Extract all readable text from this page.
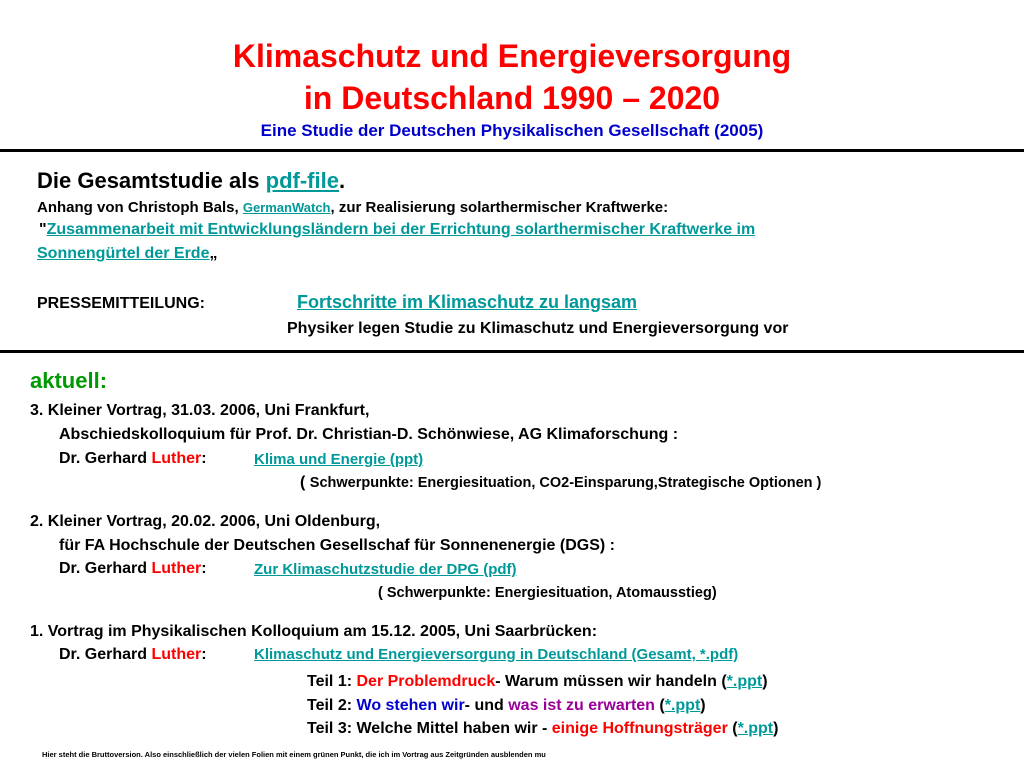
Klimaschutz und Energieversorgung
in Deutschland 1990 – 2020
Eine Studie der Deutschen Physikalischen Gesellschaft (2005)
Die Gesamtstudie als pdf-file.
Anhang von Christoph Bals, GermanWatch, zur Realisierung solarthermischer Kraftwerke:
"Zusammenarbeit mit Entwicklungsländern bei der Errichtung solarthermischer Kraftwerke im
Sonnengürtel der Erde„
PRESSEMITTEILUNG:	Fortschritte im Klimaschutz zu langsam
Physiker legen Studie zu Klimaschutz und Energieversorgung vor
aktuell:
3. Kleiner Vortrag, 31.03. 2006, Uni Frankfurt,
Abschiedskolloquium für Prof. Dr. Christian-D. Schönwiese, AG Klimaforschung :
Dr. Gerhard Luther:	Klima und Energie (ppt)
( Schwerpunkte: Energiesituation, CO2-Einsparung,Strategische Optionen )
2. Kleiner Vortrag, 20.02. 2006, Uni Oldenburg,
für FA Hochschule der Deutschen Gesellschaf für Sonnenenergie (DGS) :
Dr. Gerhard Luther:	Zur Klimaschutzstudie der DPG (pdf)
( Schwerpunkte: Energiesituation, Atomausstieg)
1. Vortrag im Physikalischen Kolloquium am 15.12. 2005, Uni Saarbrücken:
Dr. Gerhard Luther:	Klimaschutz und Energieversorgung in Deutschland (Gesamt, *.pdf)
Teil 1: Der Problemdruck- Warum müssen wir handeln (*.ppt)
Teil 2: Wo stehen wir- und was ist zu erwarten (*.ppt)
Teil 3: Welche Mittel haben wir - einige Hoffnungsträger (*.ppt)
Hier steht die Bruttoversion. Also einschließlich der vielen Folien mit einem grünen Punkt, die ich im Vortrag aus Zeitgründen ausblenden mu
